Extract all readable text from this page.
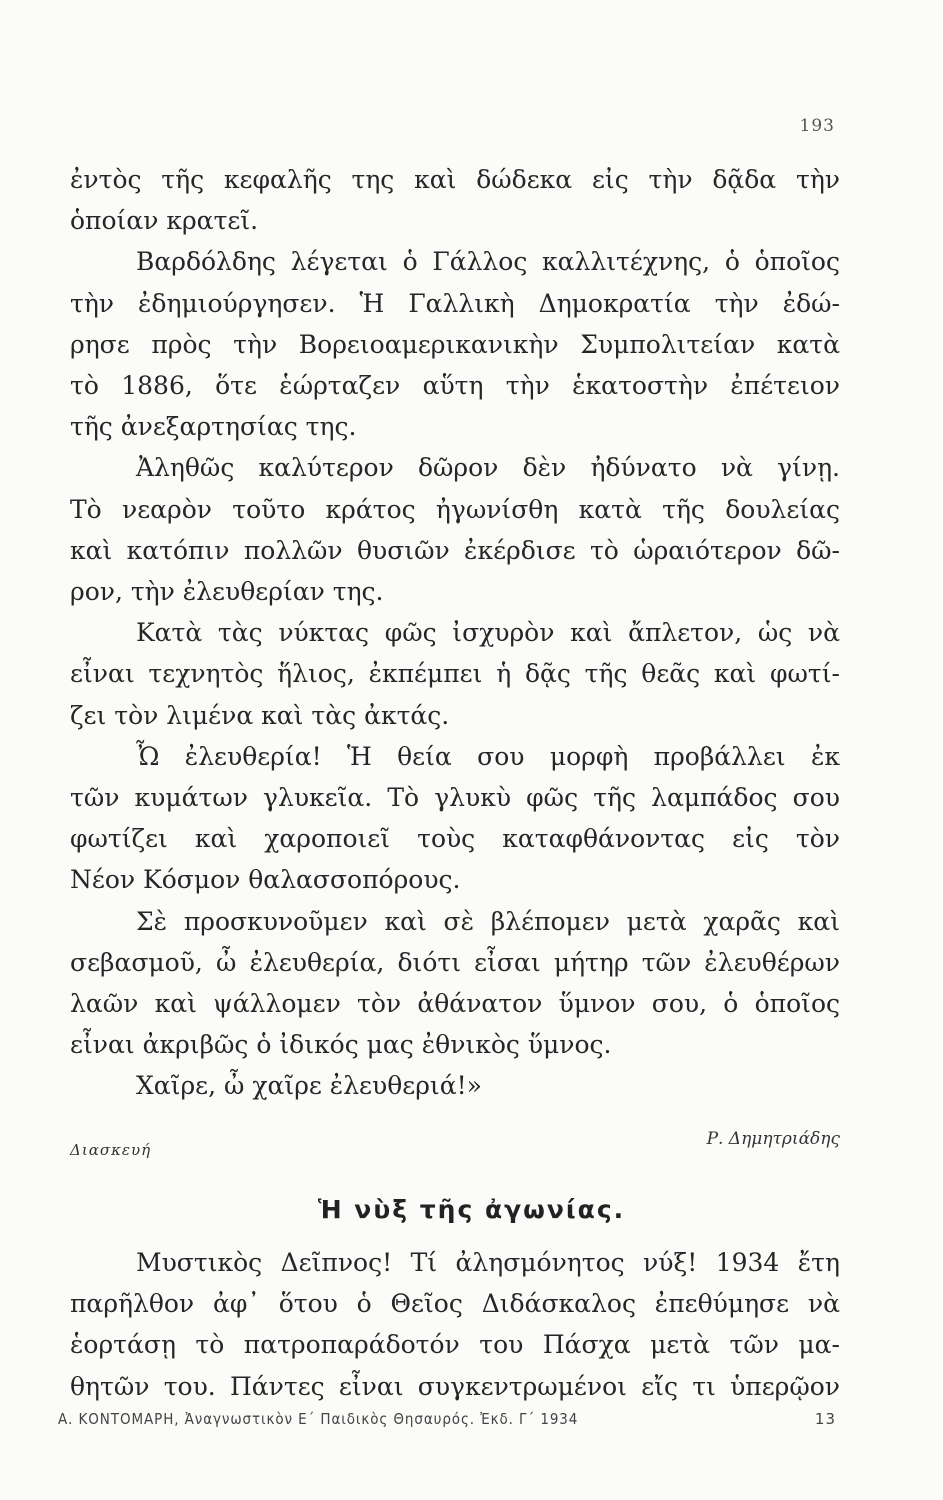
193
ἐντὸς τῆς κεφαλῆς της καὶ δώδεκα εἰς τὴν δᾷδα τὴν
ὁποίαν κρατεῖ.
Βαρδόλδης λέγεται ὁ Γάλλος καλλιτέχνης, ὁ ὁποῖος
τὴν ἐδημιούργησεν. Ἡ Γαλλικὴ Δημοκρατία τὴν ἐδώ-
ρησε πρὸς τὴν Βορειοαμερικανικὴν Συμπολιτείαν κατὰ
τὸ 1886, ὅτε ἑώρταζεν αὕτη τὴν ἑκατοστὴν ἐπέτειον
τῆς ἀνεξαρτησίας της.
Ἀληθῶς καλύτερον δῶρον δὲν ἠδύνατο νὰ γίνῃ.
Τὸ νεαρὸν τοῦτο κράτος ἠγωνίσθη κατὰ τῆς δουλείας
καὶ κατόπιν πολλῶν θυσιῶν ἐκέρδισε τὸ ὡραιότερον δῶ-
ρον, τὴν ἐλευθερίαν της.
Κατὰ τὰς νύκτας φῶς ἰσχυρὸν καὶ ἄπλετον, ὡς νὰ
εἶναι τεχνητὸς ἥλιος, ἐκπέμπει ἡ δᾷς τῆς θεᾶς καὶ φωτί-
ζει τὸν λιμένα καὶ τὰς ἀκτάς.
Ὦ ἐλευθερία! Ἡ θεία σου μορφὴ προβάλλει ἐκ
τῶν κυμάτων γλυκεῖα. Τὸ γλυκὺ φῶς τῆς λαμπάδος σου
φωτίζει καὶ χαροποιεῖ τοὺς καταφθάνοντας εἰς τὸν
Νέον Κόσμον θαλασσοπόρους.
Σὲ προσκυνοῦμεν καὶ σὲ βλέπομεν μετὰ χαρᾶς καὶ
σεβασμοῦ, ὦ ἐλευθερία, διότι εἶσαι μήτηρ τῶν ἐλευθέρων
λαῶν καὶ ψάλλομεν τὸν ἀθάνατον ὕμνον σου, ὁ ὁποῖος
εἶναι ἀκριβῶς ὁ ἰδικός μας ἐθνικὸς ὕμνος.
Χαῖρε, ὦ χαῖρε ἐλευθεριά!»
Διασκευή
Ρ. Δημητριάδης
Ἡ νὺξ τῆς ἀγωνίας.
Μυστικὸς Δεῖπνος! Τί ἀλησμόνητος νύξ! 1934 ἔτη
παρῆλθον ἀφ᾿ ὅτου ὁ Θεῖος Διδάσκαλος ἐπεθύμησε νὰ
ἑορτάσῃ τὸ πατροπαράδοτόν του Πάσχα μετὰ τῶν μα-
θητῶν του. Πάντες εἶναι συγκεντρωμένοι εἴς τι ὑπερῷον
Α. ΚΟΝΤΟΜΑΡΗ, Ἀναγνωστικὸν Ε΄ Παιδικὸς Θησαυρός. Ἐκδ. Γ΄ 1934	13
